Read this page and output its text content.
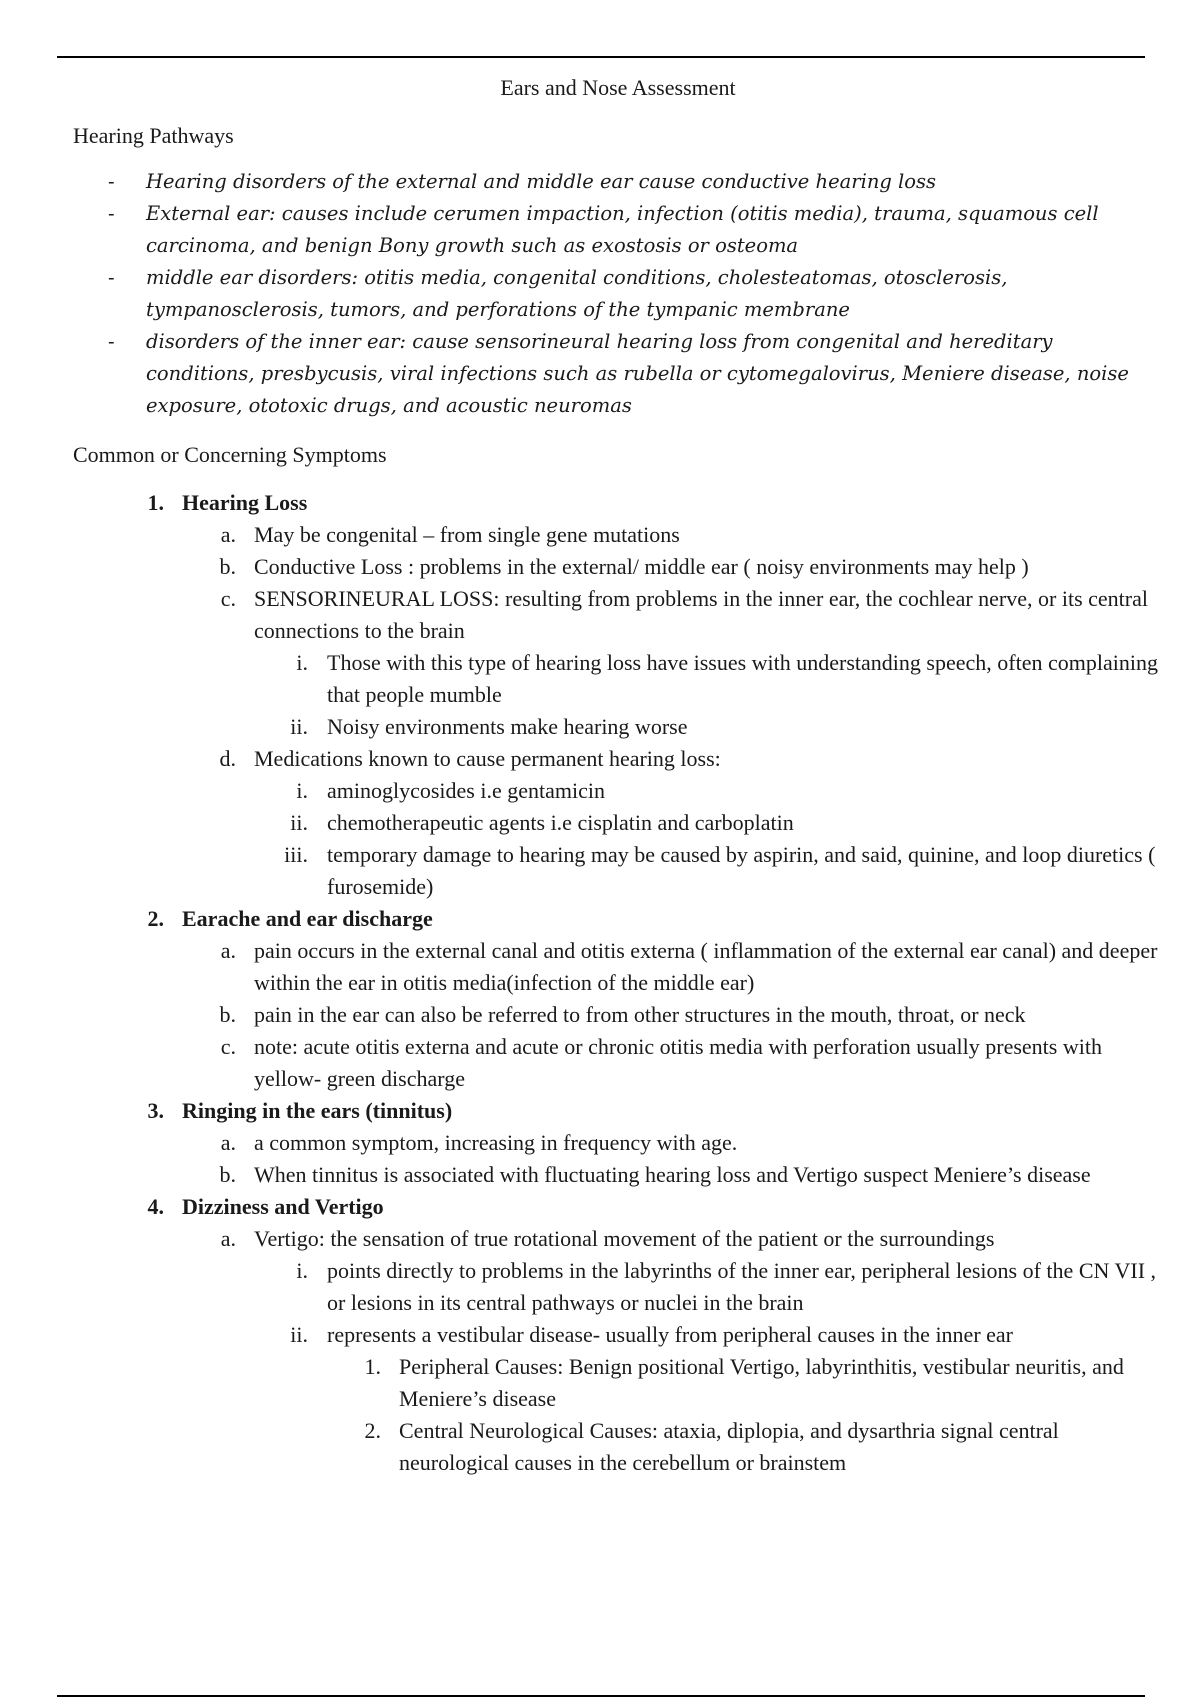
Ears and Nose Assessment
Hearing Pathways
- Hearing disorders of the external and middle ear cause conductive hearing loss
- External ear: causes include cerumen impaction, infection (otitis media), trauma, squamous cell carcinoma, and benign Bony growth such as exostosis or osteoma
- middle ear disorders: otitis media, congenital conditions, cholesteatomas, otosclerosis, tympanosclerosis, tumors, and perforations of the tympanic membrane
- disorders of the inner ear: cause sensorineural hearing loss from congenital and hereditary conditions, presbycusis, viral infections such as rubella or cytomegalovirus, Meniere disease, noise exposure, ototoxic drugs, and acoustic neuromas
Common or Concerning Symptoms
1. Hearing Loss
a. May be congenital – from single gene mutations
b. Conductive Loss : problems in the external/ middle ear ( noisy environments may help )
c. SENSORINEURAL LOSS: resulting from problems in the inner ear, the cochlear nerve, or its central connections to the brain
i. Those with this type of hearing loss have issues with understanding speech, often complaining that people mumble
ii. Noisy environments make hearing worse
d. Medications known to cause permanent hearing loss:
i. aminoglycosides i.e gentamicin
ii. chemotherapeutic agents i.e cisplatin and carboplatin
iii. temporary damage to hearing may be caused by aspirin, and said, quinine, and loop diuretics ( furosemide)
2. Earache and ear discharge
a. pain occurs in the external canal and otitis externa ( inflammation of the external ear canal) and deeper within the ear in otitis media(infection of the middle ear)
b. pain in the ear can also be referred to from other structures in the mouth, throat, or neck
c. note: acute otitis externa and acute or chronic otitis media with perforation usually presents with yellow- green discharge
3. Ringing in the ears (tinnitus)
a. a common symptom, increasing in frequency with age.
b. When tinnitus is associated with fluctuating hearing loss and Vertigo suspect Meniere’s disease
4. Dizziness and Vertigo
a. Vertigo: the sensation of true rotational movement of the patient or the surroundings
i. points directly to problems in the labyrinths of the inner ear, peripheral lesions of the CN VII , or lesions in its central pathways or nuclei in the brain
ii. represents a vestibular disease- usually from peripheral causes in the inner ear
1. Peripheral Causes: Benign positional Vertigo, labyrinthitis, vestibular neuritis, and Meniere’s disease
2. Central Neurological Causes: ataxia, diplopia, and dysarthria signal central neurological causes in the cerebellum or brainstem
